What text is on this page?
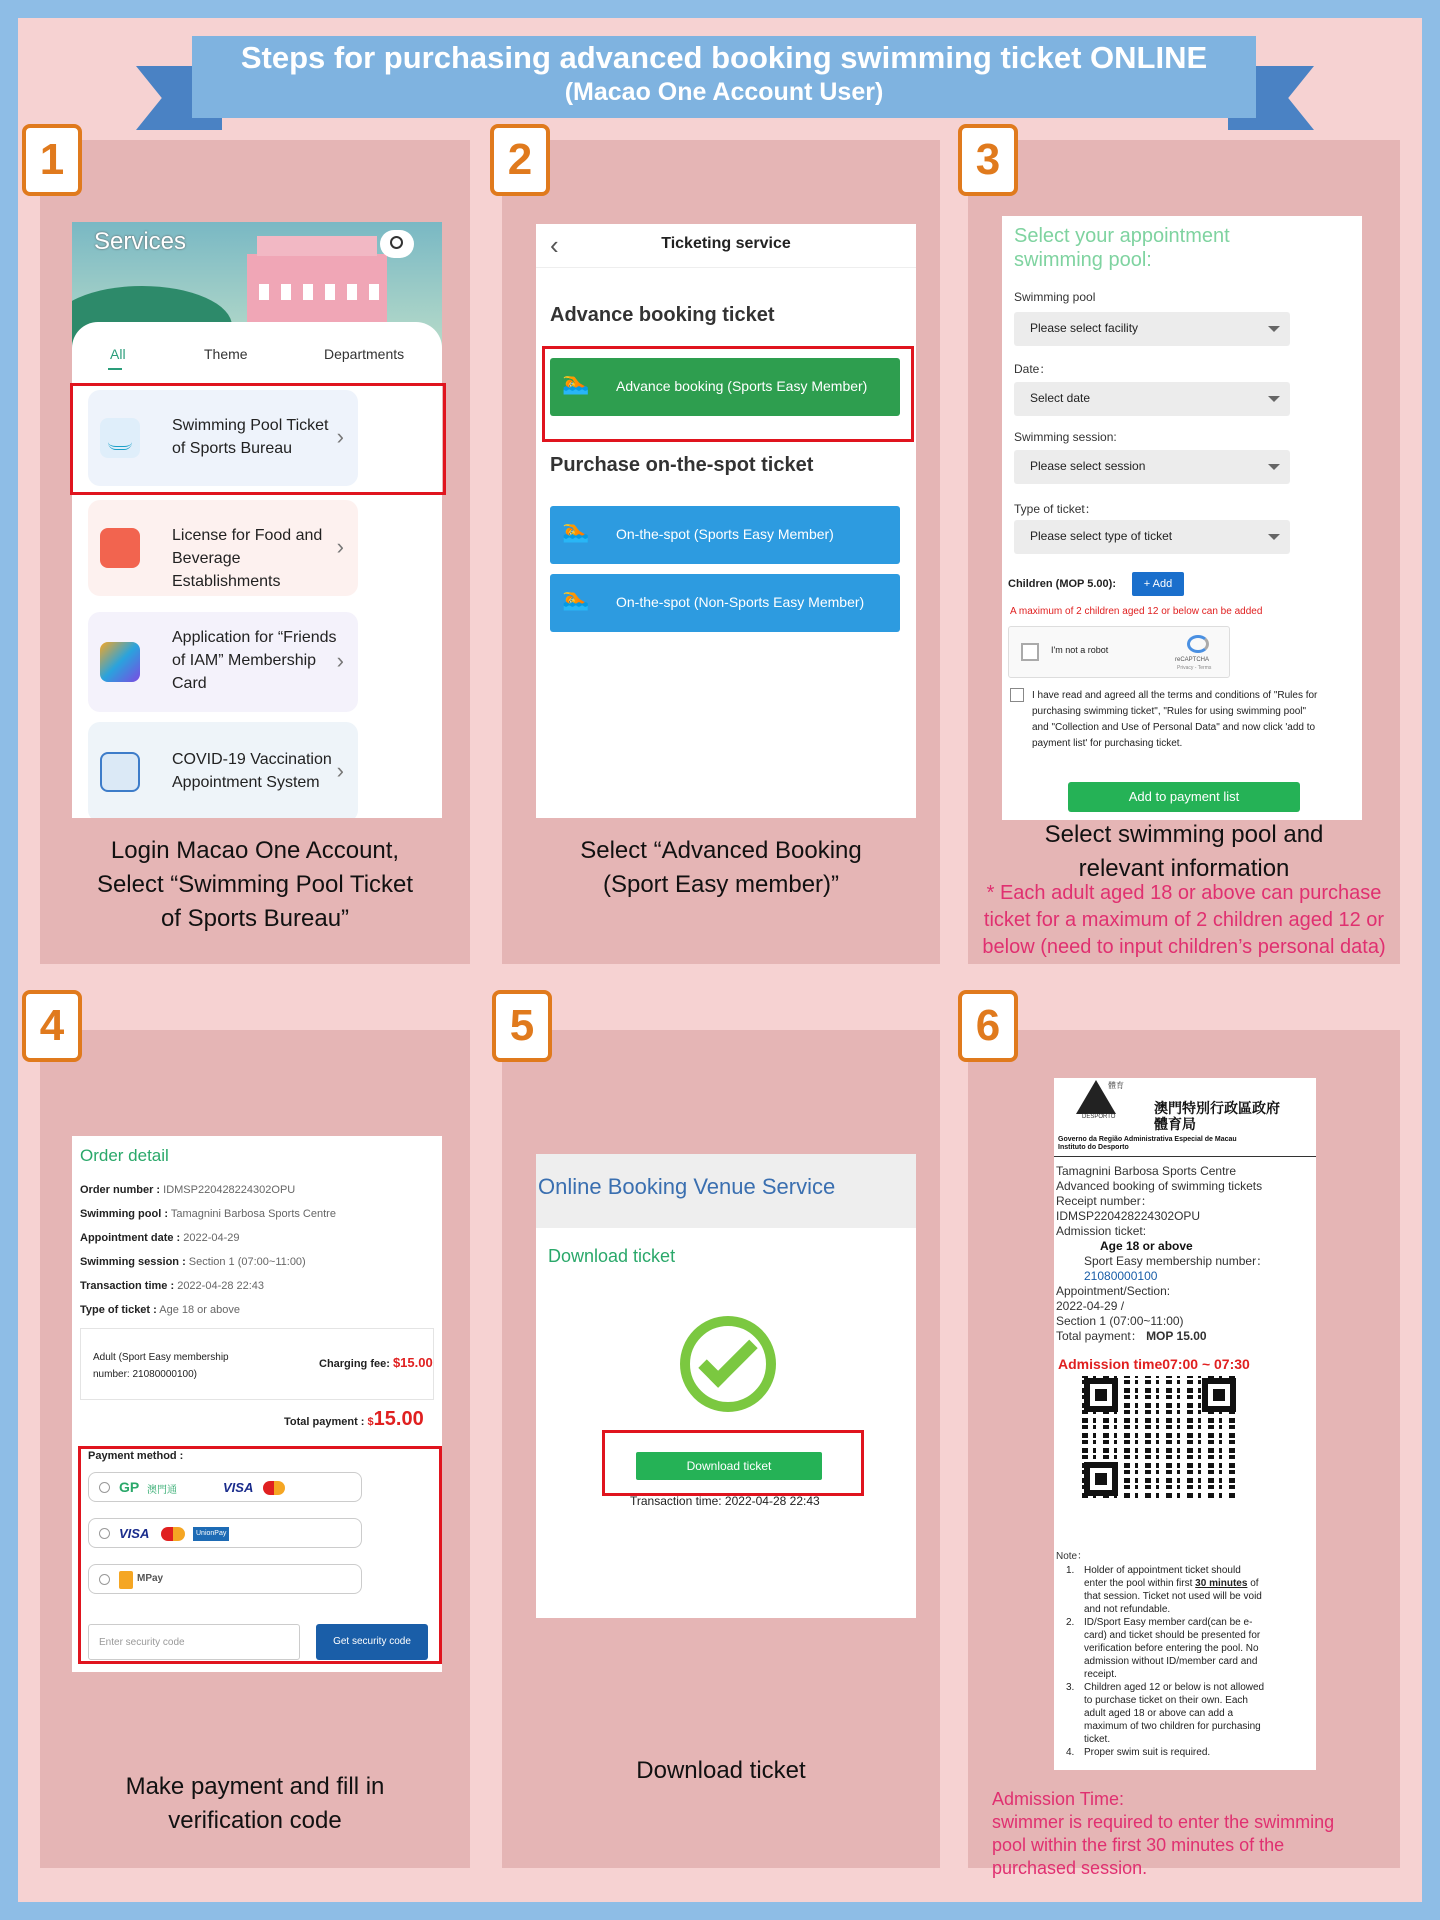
Steps for purchasing advanced booking swimming ticket ONLINE
(Macao One Account User)
1
Services
All	Theme	Departments
Swimming Pool Ticket of Sports Bureau	›
License for Food and Beverage Establishments
›
Application for “Friends of IAM” Membership Card
›
COVID-19 Vaccination Appointment System ›
Login Macao One Account,
Select “Swimming Pool Ticket
of Sports Bureau”
2
‹	Ticketing service
Advance booking ticket
🏊 Advance booking (Sports Easy Member)
Purchase on-the-spot ticket
🏊 On-the-spot (Sports Easy Member)
🏊 On-the-spot (Non-Sports Easy Member)
Select “Advanced Booking
(Sport Easy member)”
3
Select your appointment
swimming pool:
Swimming pool
Please select facility
Date：
Select date
Swimming session:
Please select session
Type of ticket：
Please select type of ticket
Children (MOP 5.00):	+ Add
A maximum of 2 children aged 12 or below can be added
I'm not a robot
reCAPTCHA
Privacy - Terms
I have read and agreed all the terms and conditions of "Rules for
purchasing swimming ticket", "Rules for using swimming pool"
and "Collection and Use of Personal Data" and now click 'add to
payment list' for purchasing ticket.
Add to payment list
Select swimming pool and
relevant information
* Each adult aged 18 or above can purchase
ticket for a maximum of 2 children aged 12 or
below (need to input children’s personal data)
4
Order detail
Order number : IDMSP220428224302OPU
Swimming pool : Tamagnini Barbosa Sports Centre
Appointment date : 2022-04-29
Swimming session : Section 1 (07:00~11:00)
Transaction time : 2022-04-28 22:43
Type of ticket : Age 18 or above
Adult (Sport Easy membership
number: 21080000100)
Charging fee: $15.00
Total payment : $15.00
Payment method :
GP 澳門通	VISA
VISA	UnionPay
MPay
Enter security code	Get security code
Make payment and fill in
verification code
5
Online Booking Venue Service
Download ticket
Download ticket
Transaction time: 2022-04-28 22:43
Download ticket
6
體育
DESPORTO
澳門特別行政區政府
體育局
Governo da Região Administrativa Especial de Macau
Instituto do Desporto
Tamagnini Barbosa Sports Centre
Advanced booking of swimming tickets
Receipt number：
IDMSP220428224302OPU
Admission ticket:
Age 18 or above
Sport Easy membership number：
21080000100
Appointment/Section:
2022-04-29 /
Section 1 (07:00~11:00)
Total payment： MOP 15.00
Admission time07:00 ~ 07:30
Note：
1. Holder of appointment ticket should
enter the pool within first 30 minutes of
that session. Ticket not used will be void
and not refundable.
2. ID/Sport Easy member card(can be e-
card) and ticket should be presented for
verification before entering the pool. No
admission without ID/member card and
receipt.
3. Children aged 12 or below is not allowed
to purchase ticket on their own. Each
adult aged 18 or above can add a
maximum of two children for purchasing
ticket.
4. Proper swim suit is required.
Admission Time:
swimmer is required to enter the swimming
pool within the first 30 minutes of the
purchased session.
